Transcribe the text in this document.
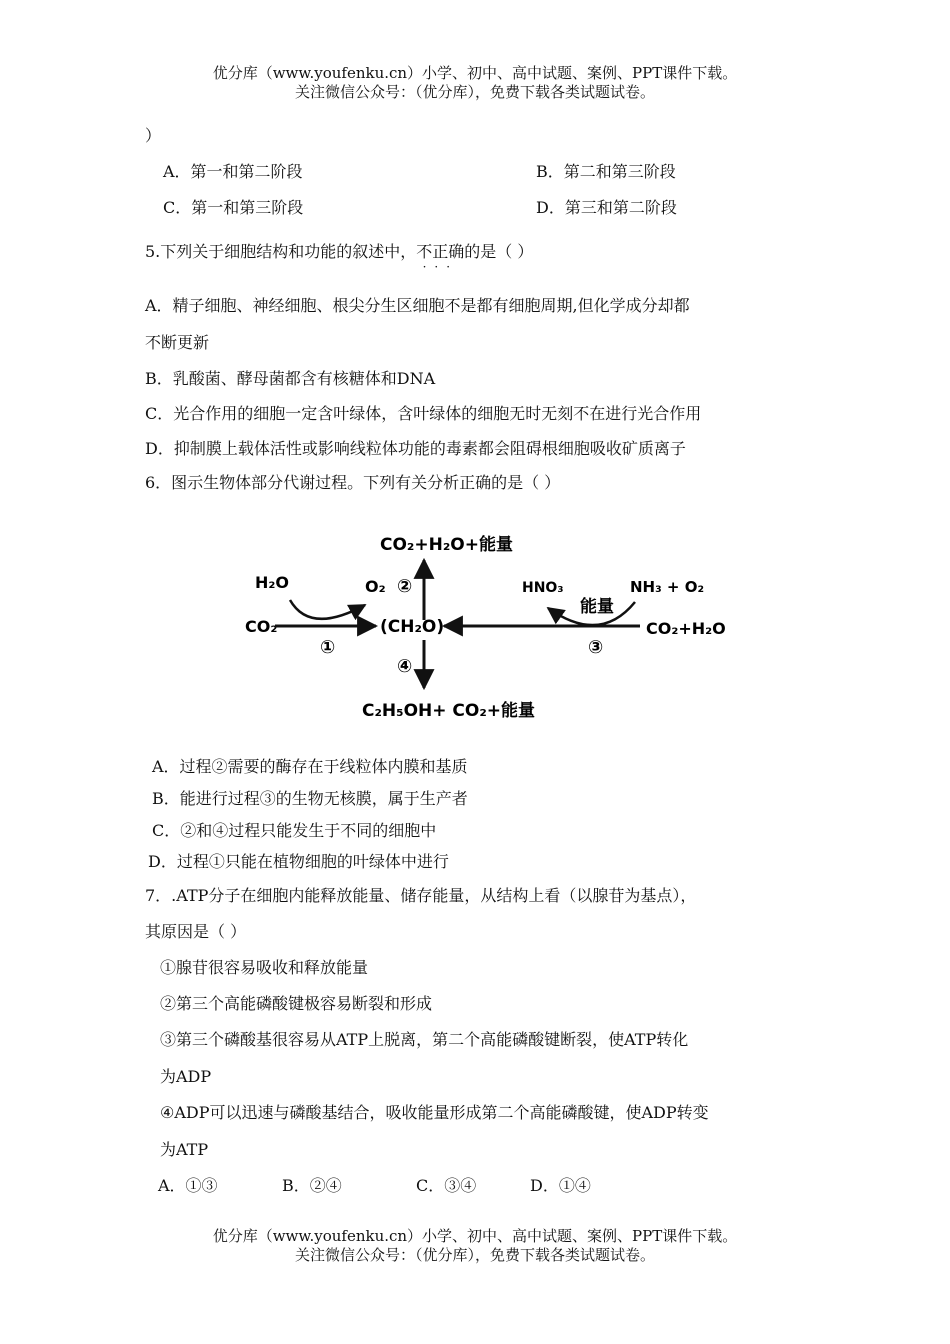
优分库（www.youfenku.cn）小学、初中、高中试题、案例、PPT课件下载。
关注微信公众号：（优分库），免费下载各类试题试卷。
）
A．第一和第二阶段	B．第二和第三阶段
C．第一和第三阶段	D．第三和第二阶段
5.下列关于细胞结构和功能的叙述中，不正确
···
的是（ ）
A．精子细胞、神经细胞、根尖分生区细胞不是都有细胞周期,但化学成分却都
不断更新
B．乳酸菌、酵母菌都含有核糖体和DNA
C．光合作用的细胞一定含叶绿体，含叶绿体的细胞无时无刻不在进行光合作用
D．抑制膜上载体活性或影响线粒体功能的毒素都会阻碍根细胞吸收矿质离子
6．图示生物体部分代谢过程。下列有关分析正确的是（ ）
CO₂+H₂O+能量
②
H₂O	O₂
CO₂
①
(CH₂O)
HNO₃
能量
NH₃ + O₂
CO₂+H₂O
③
④
C₂H₅OH+ CO₂+能量
A．过程②需要的酶存在于线粒体内膜和基质
B．能进行过程③的生物无核膜，属于生产者
C．②和④过程只能发生于不同的细胞中
D．过程①只能在植物细胞的叶绿体中进行
7．.ATP分子在细胞内能释放能量、储存能量，从结构上看（以腺苷为基点），
其原因是（ ）
①腺苷很容易吸收和释放能量
②第三个高能磷酸键极容易断裂和形成
③第三个磷酸基很容易从ATP上脱离，第二个高能磷酸键断裂，使ATP转化
为ADP
④ADP可以迅速与磷酸基结合，吸收能量形成第二个高能磷酸键，使ADP转变
为ATP
A．①③	B．②④	C．③④	D．①④
优分库（www.youfenku.cn）小学、初中、高中试题、案例、PPT课件下载。
关注微信公众号：（优分库），免费下载各类试题试卷。
